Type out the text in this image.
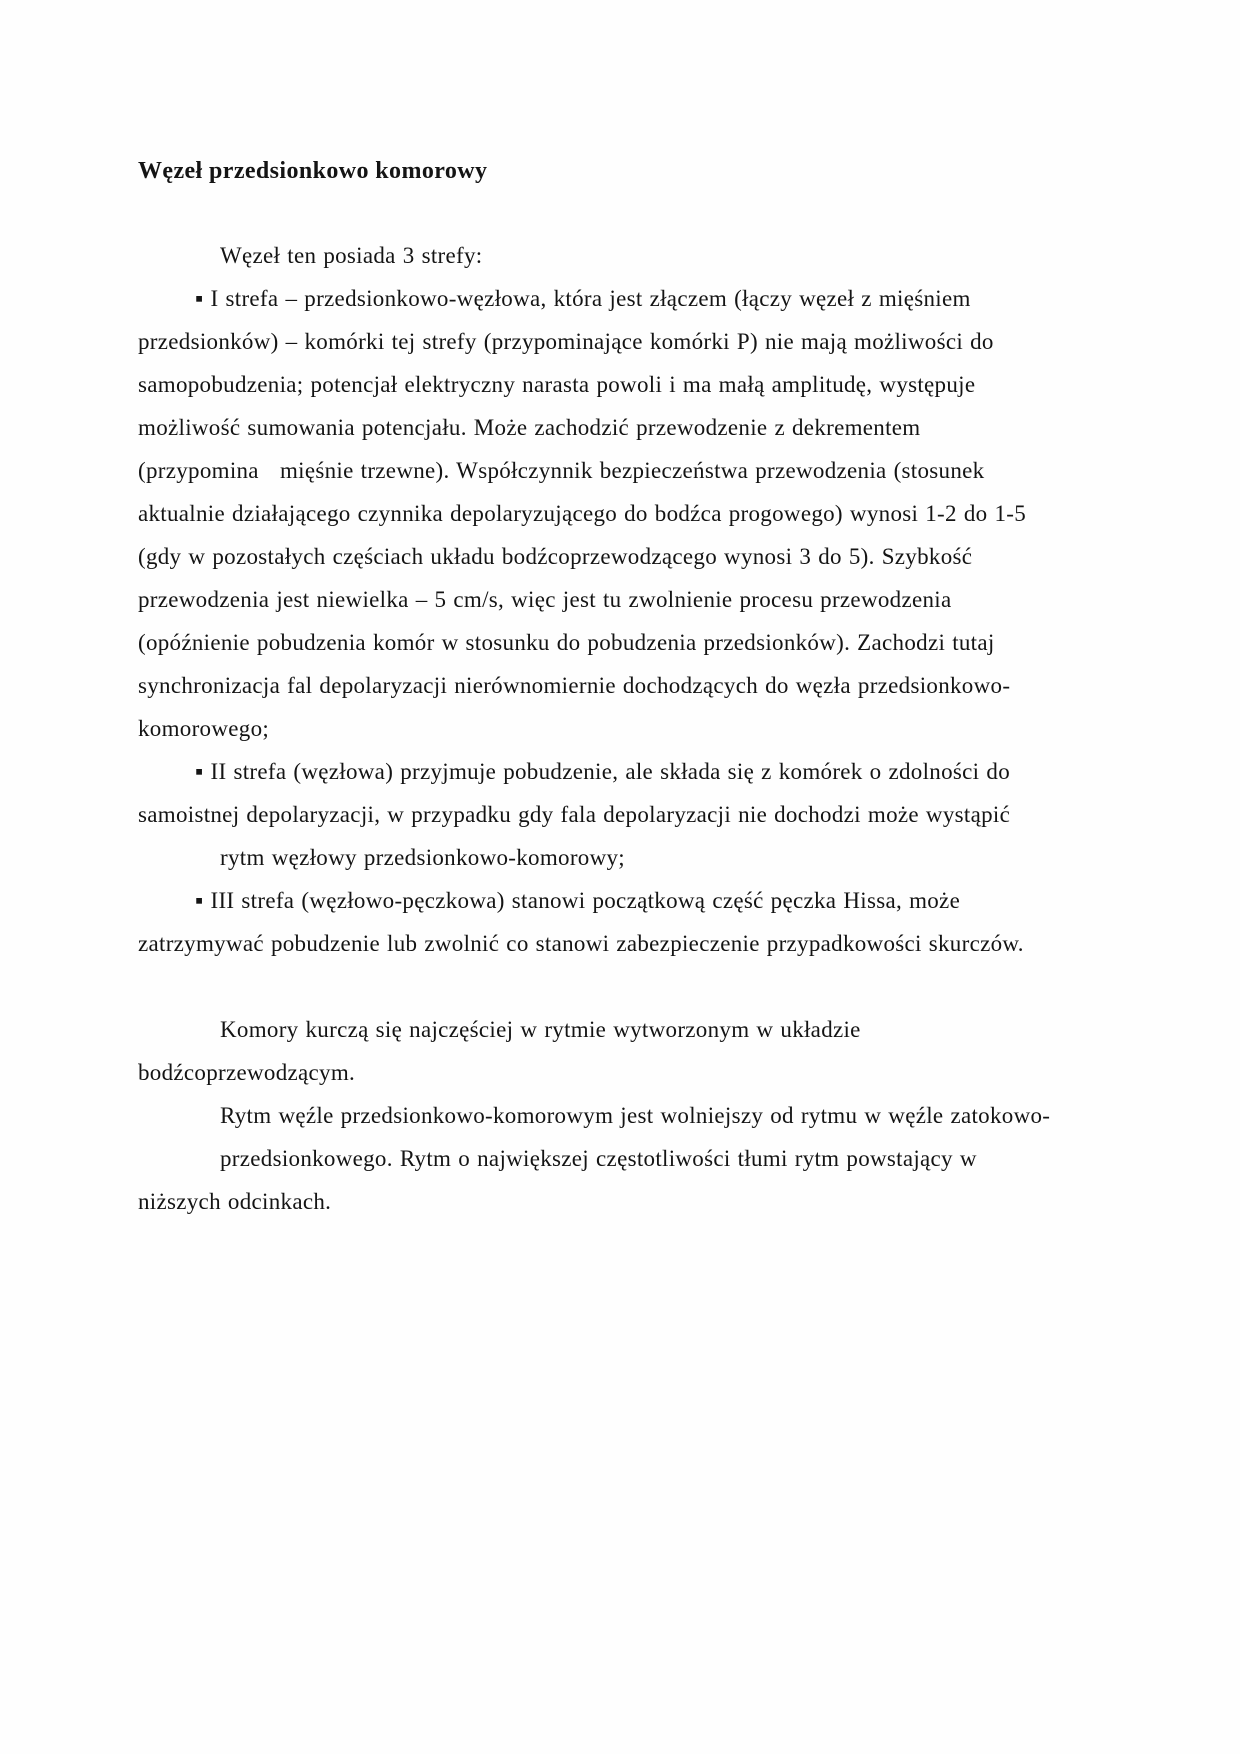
Węzeł przedsionkowo komorowy
Węzeł ten posiada 3 strefy:
▪ I strefa – przedsionkowo-węzłowa, która jest złączem (łączy węzeł z mięśniem
przedsionków) – komórki tej strefy (przypominające komórki P) nie mają możliwości do
samopobudzenia; potencjał elektryczny narasta powoli i ma małą amplitudę, występuje
możliwość sumowania potencjału. Może zachodzić przewodzenie z dekrementem
(przypomina   mięśnie trzewne). Współczynnik bezpieczeństwa przewodzenia (stosunek
aktualnie działającego czynnika depolaryzującego do bodźca progowego) wynosi 1-2 do 1-5
(gdy w pozostałych częściach układu bodźcoprzewodzącego wynosi 3 do 5). Szybkość
przewodzenia jest niewielka – 5 cm/s, więc jest tu zwolnienie procesu przewodzenia
(opóźnienie pobudzenia komór w stosunku do pobudzenia przedsionków). Zachodzi tutaj
synchronizacja fal depolaryzacji nierównomiernie dochodzących do węzła przedsionkowo-
komorowego;
▪ II strefa (węzłowa) przyjmuje pobudzenie, ale składa się z komórek o zdolności do
samoistnej depolaryzacji, w przypadku gdy fala depolaryzacji nie dochodzi może wystąpić
rytm węzłowy przedsionkowo-komorowy;
▪ III strefa (węzłowo-pęczkowa) stanowi początkową część pęczka Hissa, może
zatrzymywać pobudzenie lub zwolnić co stanowi zabezpieczenie przypadkowości skurczów.
Komory kurczą się najczęściej w rytmie wytworzonym w układzie
bodźcoprzewodzącym.
Rytm węźle przedsionkowo-komorowym jest wolniejszy od rytmu w węźle zatokowo-
przedsionkowego. Rytm o największej częstotliwości tłumi rytm powstający w
niższych odcinkach.
